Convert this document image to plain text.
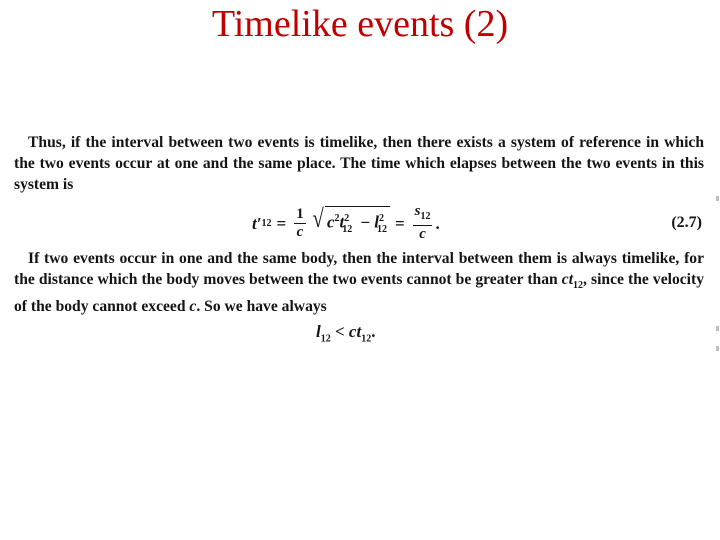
Timelike events (2)

Thus, if the interval between two events is timelike, then there exists a system of reference in which the two events occur at one and the same place. The time which elapses between the two events in this system is

t′ $12 = \frac{1}{c}$ √ $c^2t^2_{12} - l^2_{12} = \frac{s_{12}}{c}$ .	(2.7)

If two events occur in one and the same body, then the interval between them is always timelike, for the distance which the body moves between the two events cannot be greater than $ct_{12}$, since the velocity of the body cannot exceed c. So we have always

$l_{12} < ct_{12}$.
